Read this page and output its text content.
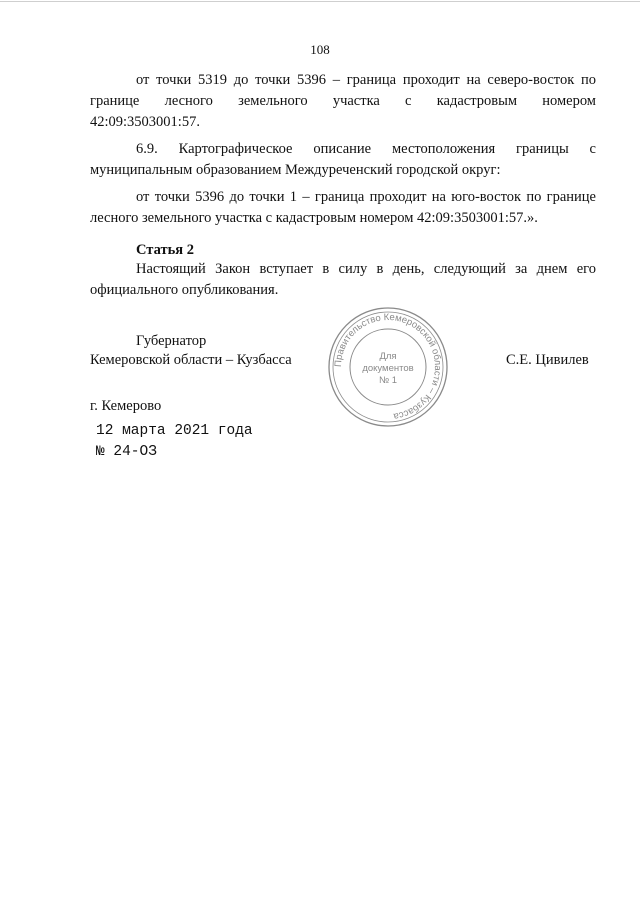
108
от точки 5319 до точки 5396 – граница проходит на северо-восток по
границе лесного земельного участка с кадастровым номером
42:09:3503001:57.
6.9. Картографическое описание местоположения границы с
муниципальным образованием Междуреченский городской округ:
от точки 5396 до точки 1 – граница проходит на юго-восток по границе
лесного земельного участка с кадастровым номером 42:09:3503001:57.».
Статья 2
Настоящий Закон вступает в силу в день, следующий за днем его
официального опубликования.
Губернатор
Кемеровской области – Кузбасса	С.Е. Цивилев
Правительство Кемеровской области – Кузбасса
Для
документов
№ 1
г. Кемерово
12 марта 2021 года
№ 24-ОЗ
